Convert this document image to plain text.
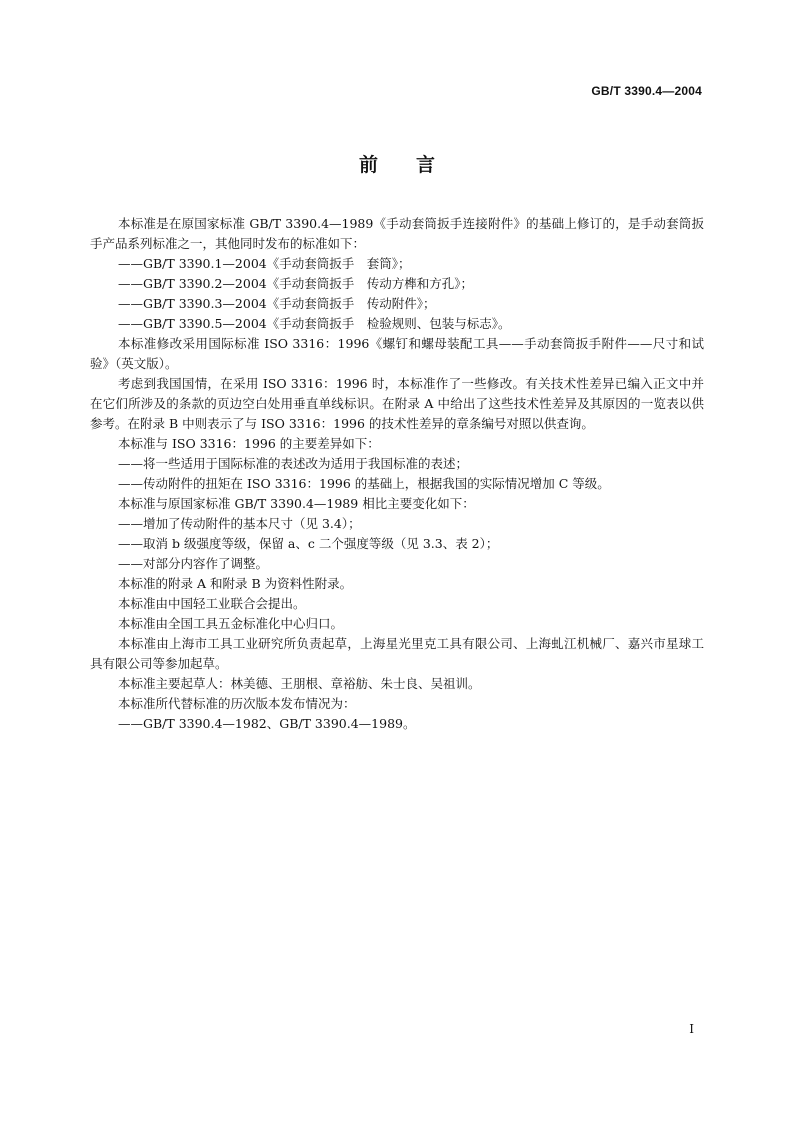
GB/T 3390.4—2004
前言

本标准是在原国家标准 GB/T 3390.4—1989《手动套筒扳手连接附件》的基础上修订的，是手动套筒扳手产品系列标准之一，其他同时发布的标准如下：

——GB/T 3390.1—2004《手动套筒扳手　套筒》；

——GB/T 3390.2—2004《手动套筒扳手　传动方榫和方孔》；

——GB/T 3390.3—2004《手动套筒扳手　传动附件》；

——GB/T 3390.5—2004《手动套筒扳手　检验规则、包装与标志》。

本标准修改采用国际标准 ISO 3316：1996《螺钉和螺母装配工具——手动套筒扳手附件——尺寸和试验》（英文版）。

考虑到我国国情，在采用 ISO 3316：1996 时，本标准作了一些修改。有关技术性差异已编入正文中并在它们所涉及的条款的页边空白处用垂直单线标识。在附录 A 中给出了这些技术性差异及其原因的一览表以供参考。在附录 B 中则表示了与 ISO 3316：1996 的技术性差异的章条编号对照以供查询。

本标准与 ISO 3316：1996 的主要差异如下：

——将一些适用于国际标准的表述改为适用于我国标准的表述；

——传动附件的扭矩在 ISO 3316：1996 的基础上，根据我国的实际情况增加 C 等级。

本标准与原国家标准 GB/T 3390.4—1989 相比主要变化如下：

——增加了传动附件的基本尺寸（见 3.4）；

——取消 b 级强度等级，保留 a、c 二个强度等级（见 3.3、表 2）；

——对部分内容作了调整。

本标准的附录 A 和附录 B 为资料性附录。

本标准由中国轻工业联合会提出。

本标准由全国工具五金标准化中心归口。

本标准由上海市工具工业研究所负责起草，上海星光里克工具有限公司、上海虬江机械厂、嘉兴市星球工具有限公司等参加起草。

本标准主要起草人：林美德、王朋根、章裕舫、朱士良、吴祖训。

本标准所代替标准的历次版本发布情况为：

——GB/T 3390.4—1982、GB/T 3390.4—1989。

I
